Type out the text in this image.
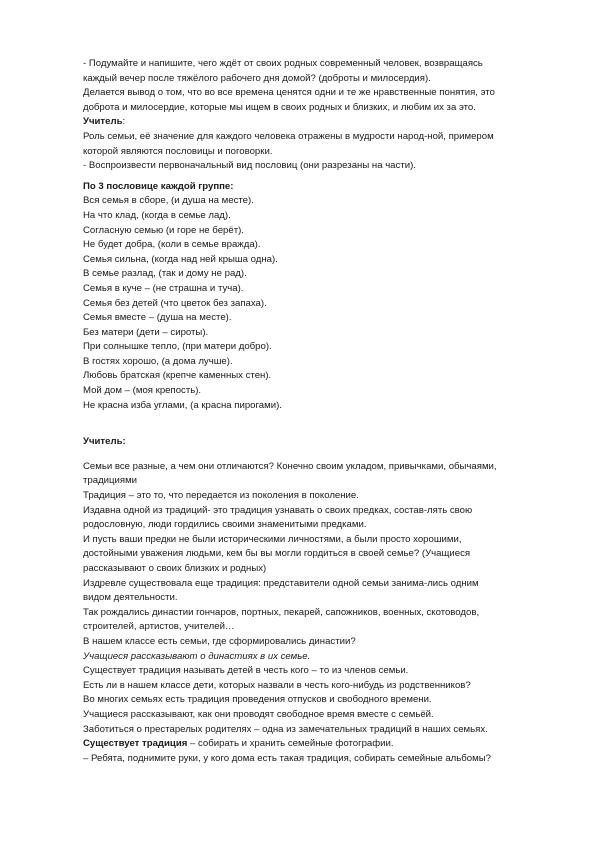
- Подумайте и напишите, чего ждёт от своих родных современный человек, возвращаясь
каждый вечер после тяжёлого рабочего дня домой? (доброты и милосердия).
Делается вывод о том, что во все времена ценятся одни и те же нравственные понятия, это
доброта и милосердие, которые мы ищем в своих родных и близких, и любим их за это.
Учитель:
Роль семьи, её значение для каждого человека отражены в мудрости народ-ной, примером
которой являются пословицы и поговорки.
- Воспроизвести первоначальный вид пословиц (они разрезаны на части).
По 3 пословице каждой группе:
Вся семья в сборе, (и душа на месте).
На что клад, (когда в семье лад).
Согласную семью (и горе не берёт).
Не будет добра, (коли в семье вражда).
Семья сильна, (когда над ней крыша одна).
В семье разлад, (так и дому не рад).
Семья в куче – (не страшна и туча).
Семья без детей (что цветок без запаха).
Семья вместе – (душа на месте).
Без матери (дети – сироты).
При солнышке тепло, (при матери добро).
В гостях хорошо, (а дома лучше).
Любовь братская (крепче каменных стен).
Мой дом – (моя крепость).
Не красна изба углами, (а красна пирогами).
Учитель:
Семьи все разные, а чем они отличаются? Конечно своим укладом, привычками, обычаями,
традициями
Традиция – это то, что передается из поколения в поколение.
Издавна одной из традиций- это традиция узнавать о своих предках, состав-лять свою
родословную, люди гордились своими знаменитыми предками.
И пусть ваши предки не были историческими личностями, а были просто хорошими,
достойными уважения людьми, кем бы вы могли гордиться в своей семье? (Учащиеся
рассказывают о своих близких и родных)
Издревле существовала еще традиция: представители одной семьи занима-лись одним
видом деятельности.
Так рождались династии гончаров, портных, пекарей, сапожников, военных, скотоводов,
строителей, артистов, учителей…
В нашем классе есть семьи, где сформировались династии?
Учащиеся рассказывают о династиях в их семье.
Существует традиция называть детей в честь кого – то из членов семьи.
Есть ли в нашем классе дети, которых назвали в честь кого-нибудь из родственников?
Во многих семьях есть традиция проведения отпусков и свободного времени.
Учащиеся рассказывают, как они проводят свободное время вместе с семьёй.
Заботиться о престарелых родителях – одна из замечательных традиций в наших семьях.
Существует традиция – собирать и хранить семейные фотографии.
– Ребята, поднимите руки, у кого дома есть такая традиция, собирать семейные альбомы?
